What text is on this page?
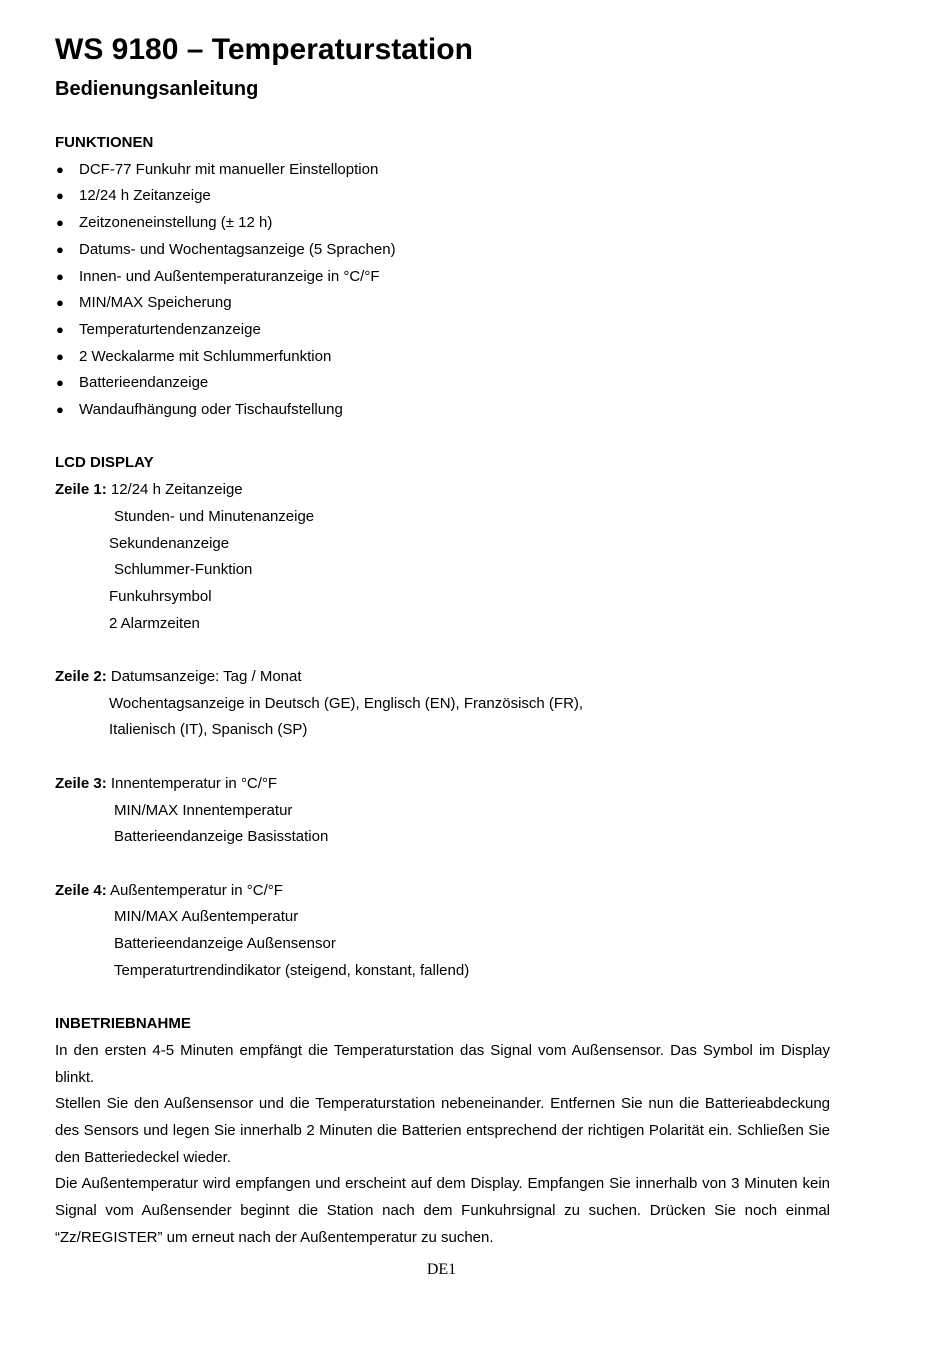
WS 9180 – Temperaturstation
Bedienungsanleitung
FUNKTIONEN
● DCF-77 Funkuhr mit manueller Einstelloption
● 12/24 h Zeitanzeige
● Zeitzoneneinstellung (± 12 h)
● Datums- und Wochentagsanzeige (5 Sprachen)
● Innen- und Außentemperaturanzeige in °C/°F
● MIN/MAX Speicherung
● Temperaturtendenzanzeige
● 2 Weckalarme mit Schlummerfunktion
● Batterieendanzeige
● Wandaufhängung oder Tischaufstellung
LCD DISPLAY
Zeile 1: 12/24 h Zeitanzeige
Stunden- und Minutenanzeige
Sekundenanzeige
Schlummer-Funktion
Funkuhrsymbol
2 Alarmzeiten
Zeile 2: Datumsanzeige: Tag / Monat
Wochentagsanzeige in Deutsch (GE), Englisch (EN), Französisch (FR),
Italienisch (IT), Spanisch (SP)
Zeile 3: Innentemperatur in °C/°F
MIN/MAX Innentemperatur
Batterieendanzeige Basisstation
Zeile 4: Außentemperatur in °C/°F
MIN/MAX Außentemperatur
Batterieendanzeige Außensensor
Temperaturtrendindikator (steigend, konstant, fallend)
INBETRIEBNAHME

In den ersten 4-5 Minuten empfängt die Temperaturstation das Signal vom Außensensor. Das Symbol im Display blinkt.

Stellen Sie den Außensensor und die Temperaturstation nebeneinander. Entfernen Sie nun die Batterieabdeckung des Sensors und legen Sie innerhalb 2 Minuten die Batterien entsprechend der richtigen Polarität ein. Schließen Sie den Batteriedeckel wieder.

Die Außentemperatur wird empfangen und erscheint auf dem Display. Empfangen Sie innerhalb von 3 Minuten kein Signal vom Außensender beginnt die Station nach dem Funkuhrsignal zu suchen. Drücken Sie noch einmal “Zz/REGISTER” um erneut nach der Außentemperatur zu suchen.

DE1
